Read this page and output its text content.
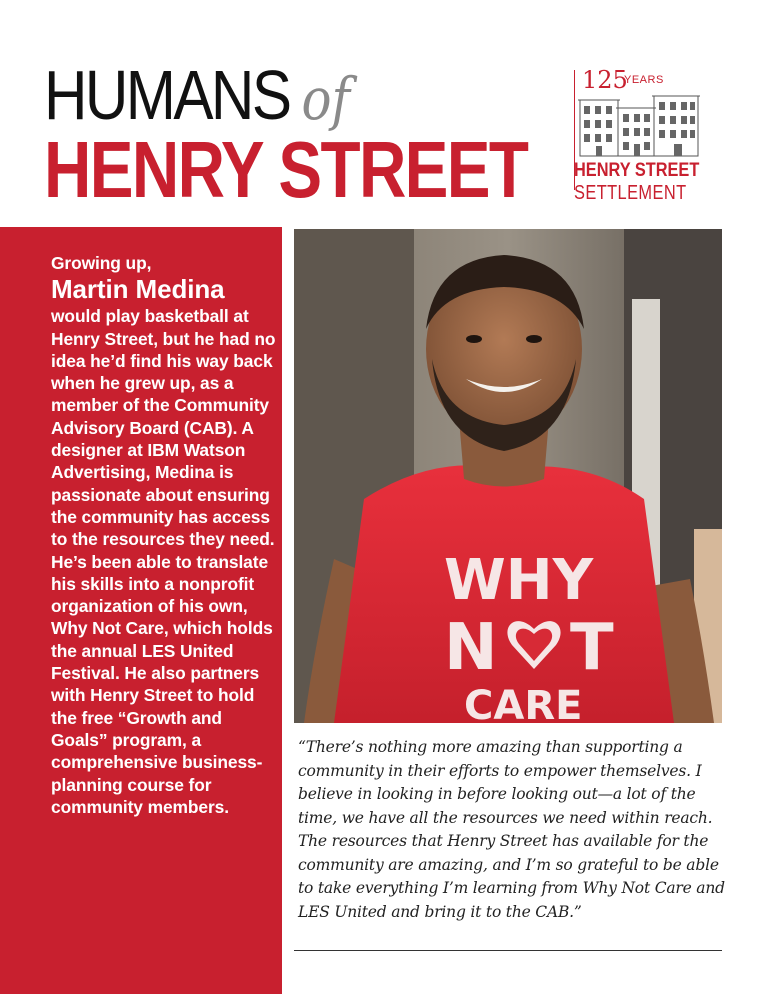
HUMANS of
HENRY STREET
125
YEARS
HENRY STREET
SETTLEMENT
Growing up,
Martin Medina
would play basketball at Henry Street, but he had no idea he’d find his way back when he grew up, as a member of the Community Advisory Board (CAB). A designer at IBM Watson Advertising, Medina is passionate about ensuring the community has access to the resources they need. He’s been able to translate his skills into a nonprofit organization of his own, Why Not Care, which holds the annual LES United Festival. He also partners with Henry Street to hold the free “Growth and Goals” program, a comprehensive business-planning course for community members.
WHY
N T
CARE
“There’s nothing more amazing than supporting a community in their efforts to empower themselves. I believe in looking in before looking out—a lot of the time, we have all the resources we need within reach. The resources that Henry Street has available for the community are amazing, and I’m so grateful to be able to take everything I’m learning from Why Not Care and LES United and bring it to the CAB.”
